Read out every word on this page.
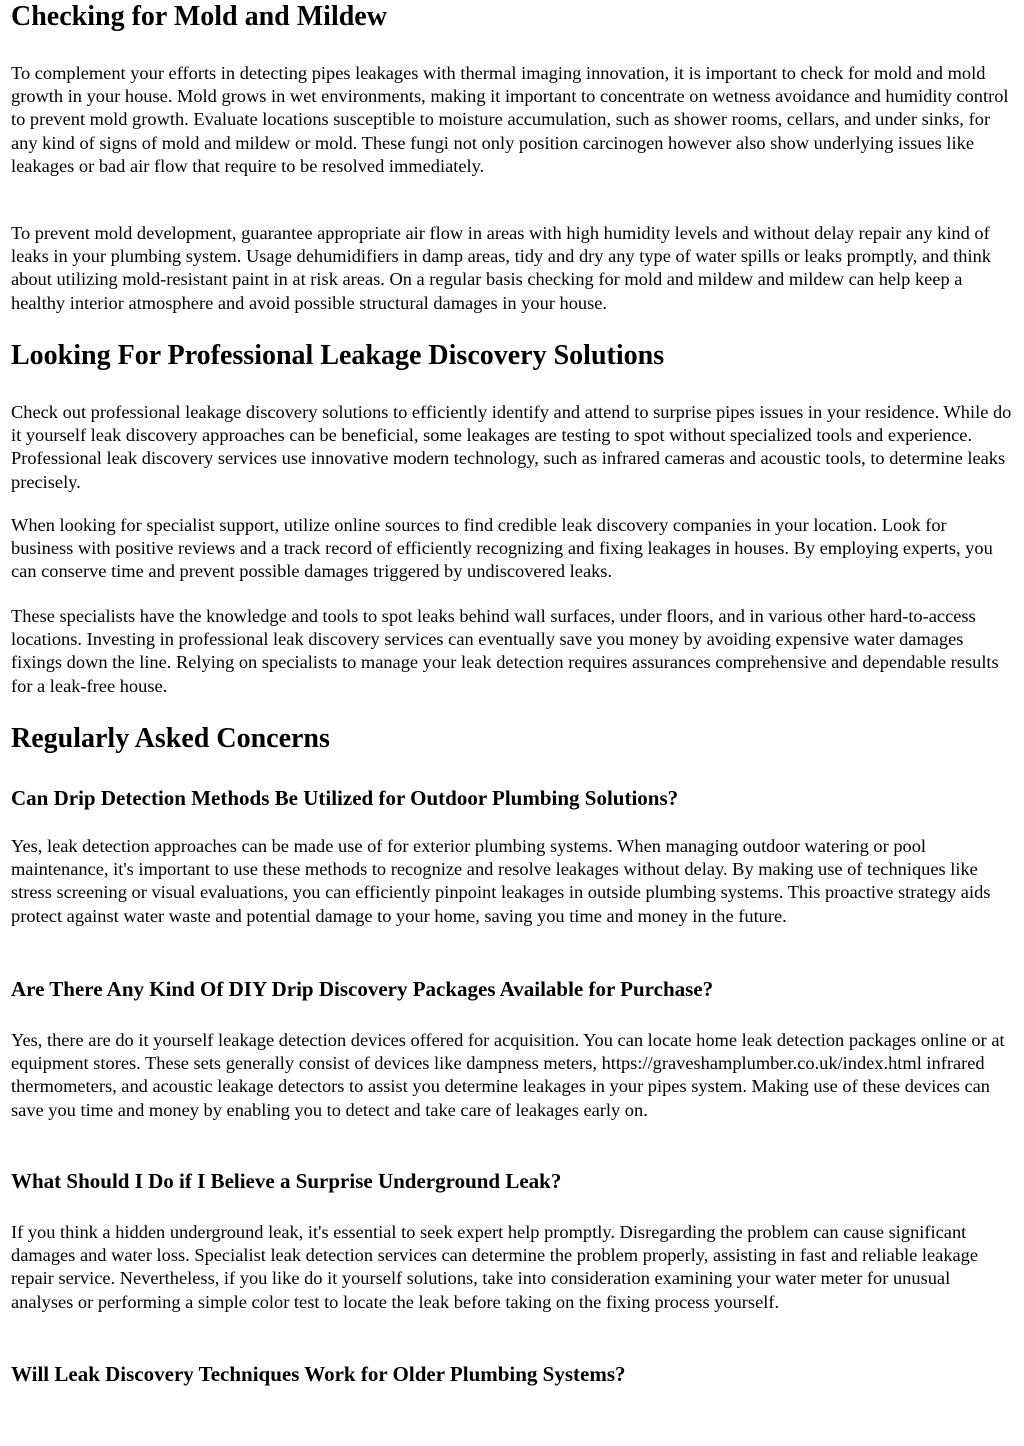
Checking for Mold and Mildew

To complement your efforts in detecting pipes leakages with thermal imaging innovation, it is important to check for mold and mold growth in your house. Mold grows in wet environments, making it important to concentrate on wetness avoidance and humidity control to prevent mold growth. Evaluate locations susceptible to moisture accumulation, such as shower rooms, cellars, and under sinks, for any kind of signs of mold and mildew or mold. These fungi not only position carcinogen however also show underlying issues like leakages or bad air flow that require to be resolved immediately.

To prevent mold development, guarantee appropriate air flow in areas with high humidity levels and without delay repair any kind of leaks in your plumbing system. Usage dehumidifiers in damp areas, tidy and dry any type of water spills or leaks promptly, and think about utilizing mold-resistant paint in at risk areas. On a regular basis checking for mold and mildew and mildew can help keep a healthy interior atmosphere and avoid possible structural damages in your house.

Looking For Professional Leakage Discovery Solutions

Check out professional leakage discovery solutions to efficiently identify and attend to surprise pipes issues in your residence. While do it yourself leak discovery approaches can be beneficial, some leakages are testing to spot without specialized tools and experience. Professional leak discovery services use innovative modern technology, such as infrared cameras and acoustic tools, to determine leaks precisely.

When looking for specialist support, utilize online sources to find credible leak discovery companies in your location. Look for business with positive reviews and a track record of efficiently recognizing and fixing leakages in houses. By employing experts, you can conserve time and prevent possible damages triggered by undiscovered leaks.

These specialists have the knowledge and tools to spot leaks behind wall surfaces, under floors, and in various other hard-to-access locations. Investing in professional leak discovery services can eventually save you money by avoiding expensive water damages fixings down the line. Relying on specialists to manage your leak detection requires assurances comprehensive and dependable results for a leak-free house.

Regularly Asked Concerns
Can Drip Detection Methods Be Utilized for Outdoor Plumbing Solutions?

Yes, leak detection approaches can be made use of for exterior plumbing systems. When managing outdoor watering or pool maintenance, it's important to use these methods to recognize and resolve leakages without delay. By making use of techniques like stress screening or visual evaluations, you can efficiently pinpoint leakages in outside plumbing systems. This proactive strategy aids protect against water waste and potential damage to your home, saving you time and money in the future.

Are There Any Kind Of DIY Drip Discovery Packages Available for Purchase?

Yes, there are do it yourself leakage detection devices offered for acquisition. You can locate home leak detection packages online or at equipment stores. These sets generally consist of devices like dampness meters, https://graveshamplumber.co.uk/index.html infrared thermometers, and acoustic leakage detectors to assist you determine leakages in your pipes system. Making use of these devices can save you time and money by enabling you to detect and take care of leakages early on.

What Should I Do if I Believe a Surprise Underground Leak?

If you think a hidden underground leak, it's essential to seek expert help promptly. Disregarding the problem can cause significant damages and water loss. Specialist leak detection services can determine the problem properly, assisting in fast and reliable leakage repair service. Nevertheless, if you like do it yourself solutions, take into consideration examining your water meter for unusual analyses or performing a simple color test to locate the leak before taking on the fixing process yourself.

Will Leak Discovery Techniques Work for Older Plumbing Systems?
